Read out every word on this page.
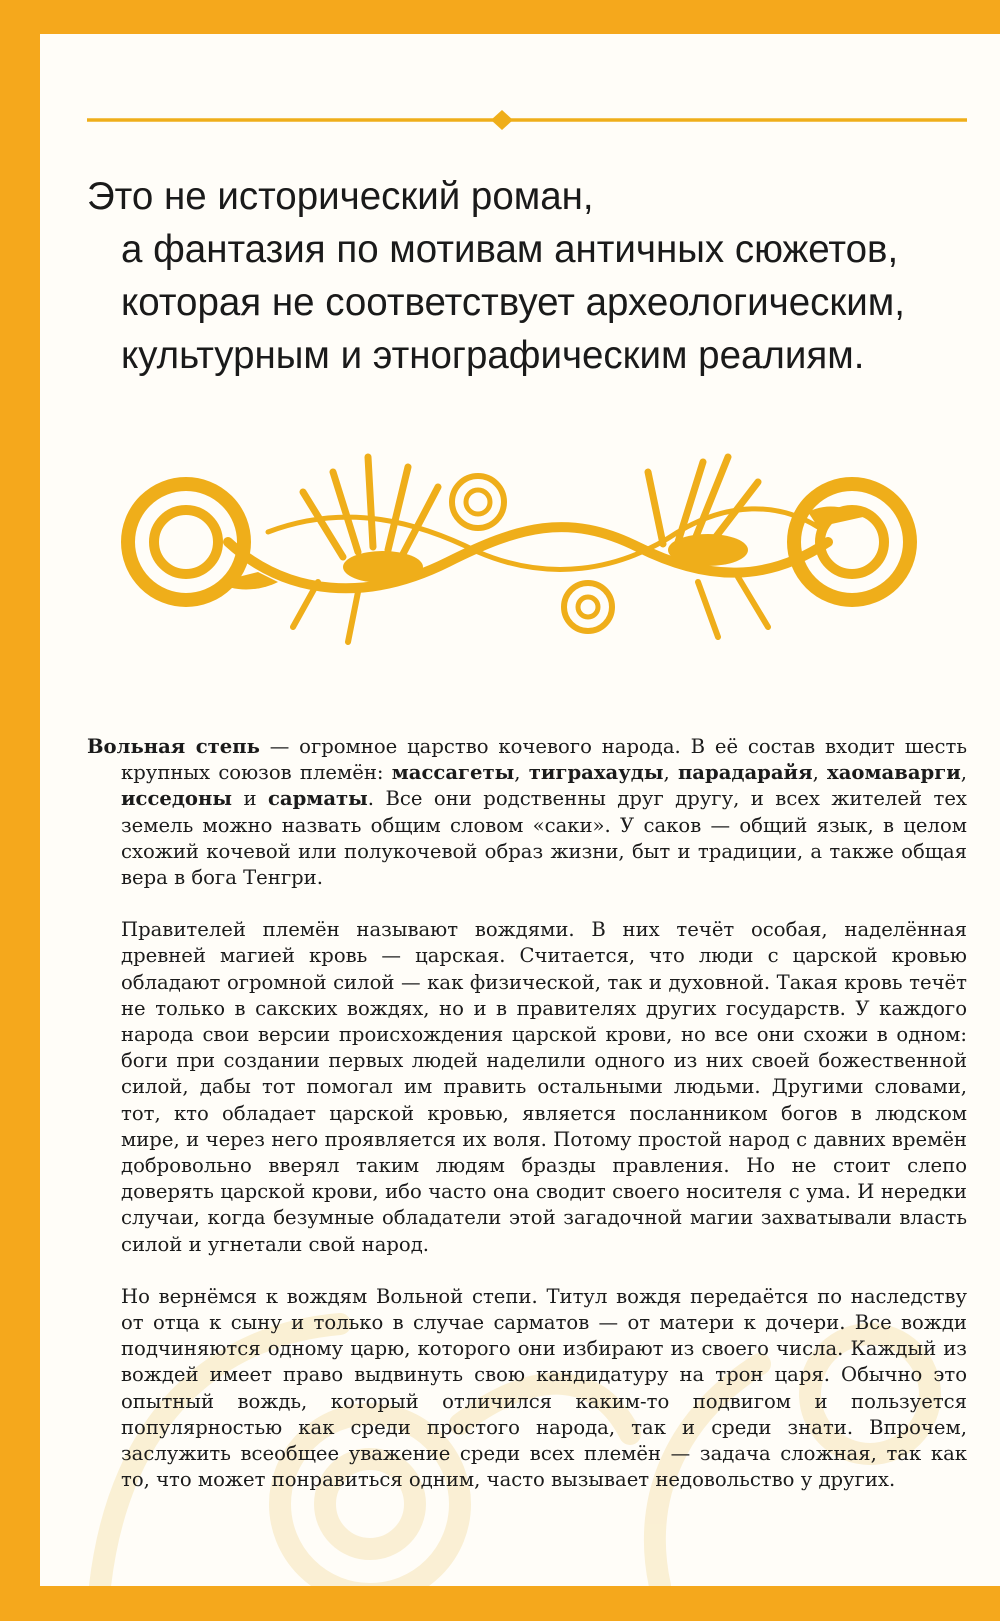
Это не исторический роман,
а фантазия по мотивам античных сюжетов,
которая не соответствует археологическим,
культурным и этнографическим реалиям.

Вольная степь — огромное царство кочевого народа. В её состав входит шесть крупных союзов племён: массагеты, тиграхауды, парадарайя, хаомаварги, исседоны и сарматы. Все они родственны друг другу, и всех жителей тех земель можно назвать общим словом «саки». У саков — общий язык, в целом схожий кочевой или полукочевой образ жизни, быт и традиции, а также общая вера в бога Тенгри.

Правителей племён называют вождями. В них течёт особая, наделённая древней магией кровь — царская. Считается, что люди с царской кровью обладают огромной силой — как физической, так и духовной. Такая кровь течёт не только в сакских вождях, но и в правителях других государств. У каждого народа свои версии происхождения царской крови, но все они схожи в одном: боги при создании первых людей наделили одного из них своей божественной силой, дабы тот помогал им править остальными людьми. Другими словами, тот, кто обладает царской кровью, является посланником богов в людском мире, и через него проявляется их воля. Потому простой народ с давних времён добровольно вверял таким людям бразды правления. Но не стоит слепо доверять царской крови, ибо часто она сводит своего носителя с ума. И нередки случаи, когда безумные обладатели этой загадочной магии захватывали власть силой и угнетали свой народ.

Но вернёмся к вождям Вольной степи. Титул вождя передаётся по наследству от отца к сыну и только в случае сарматов — от матери к дочери. Все вожди подчиняются одному царю, которого они избирают из своего числа. Каждый из вождей имеет право выдвинуть свою кандидатуру на трон царя. Обычно это опытный вождь, который отличился каким-то подвигом и пользуется популярностью как среди простого народа, так и среди знати. Впрочем, заслужить всеобщее уважение среди всех племён — задача сложная, так как то, что может понравиться одним, часто вызывает недовольство у других.
